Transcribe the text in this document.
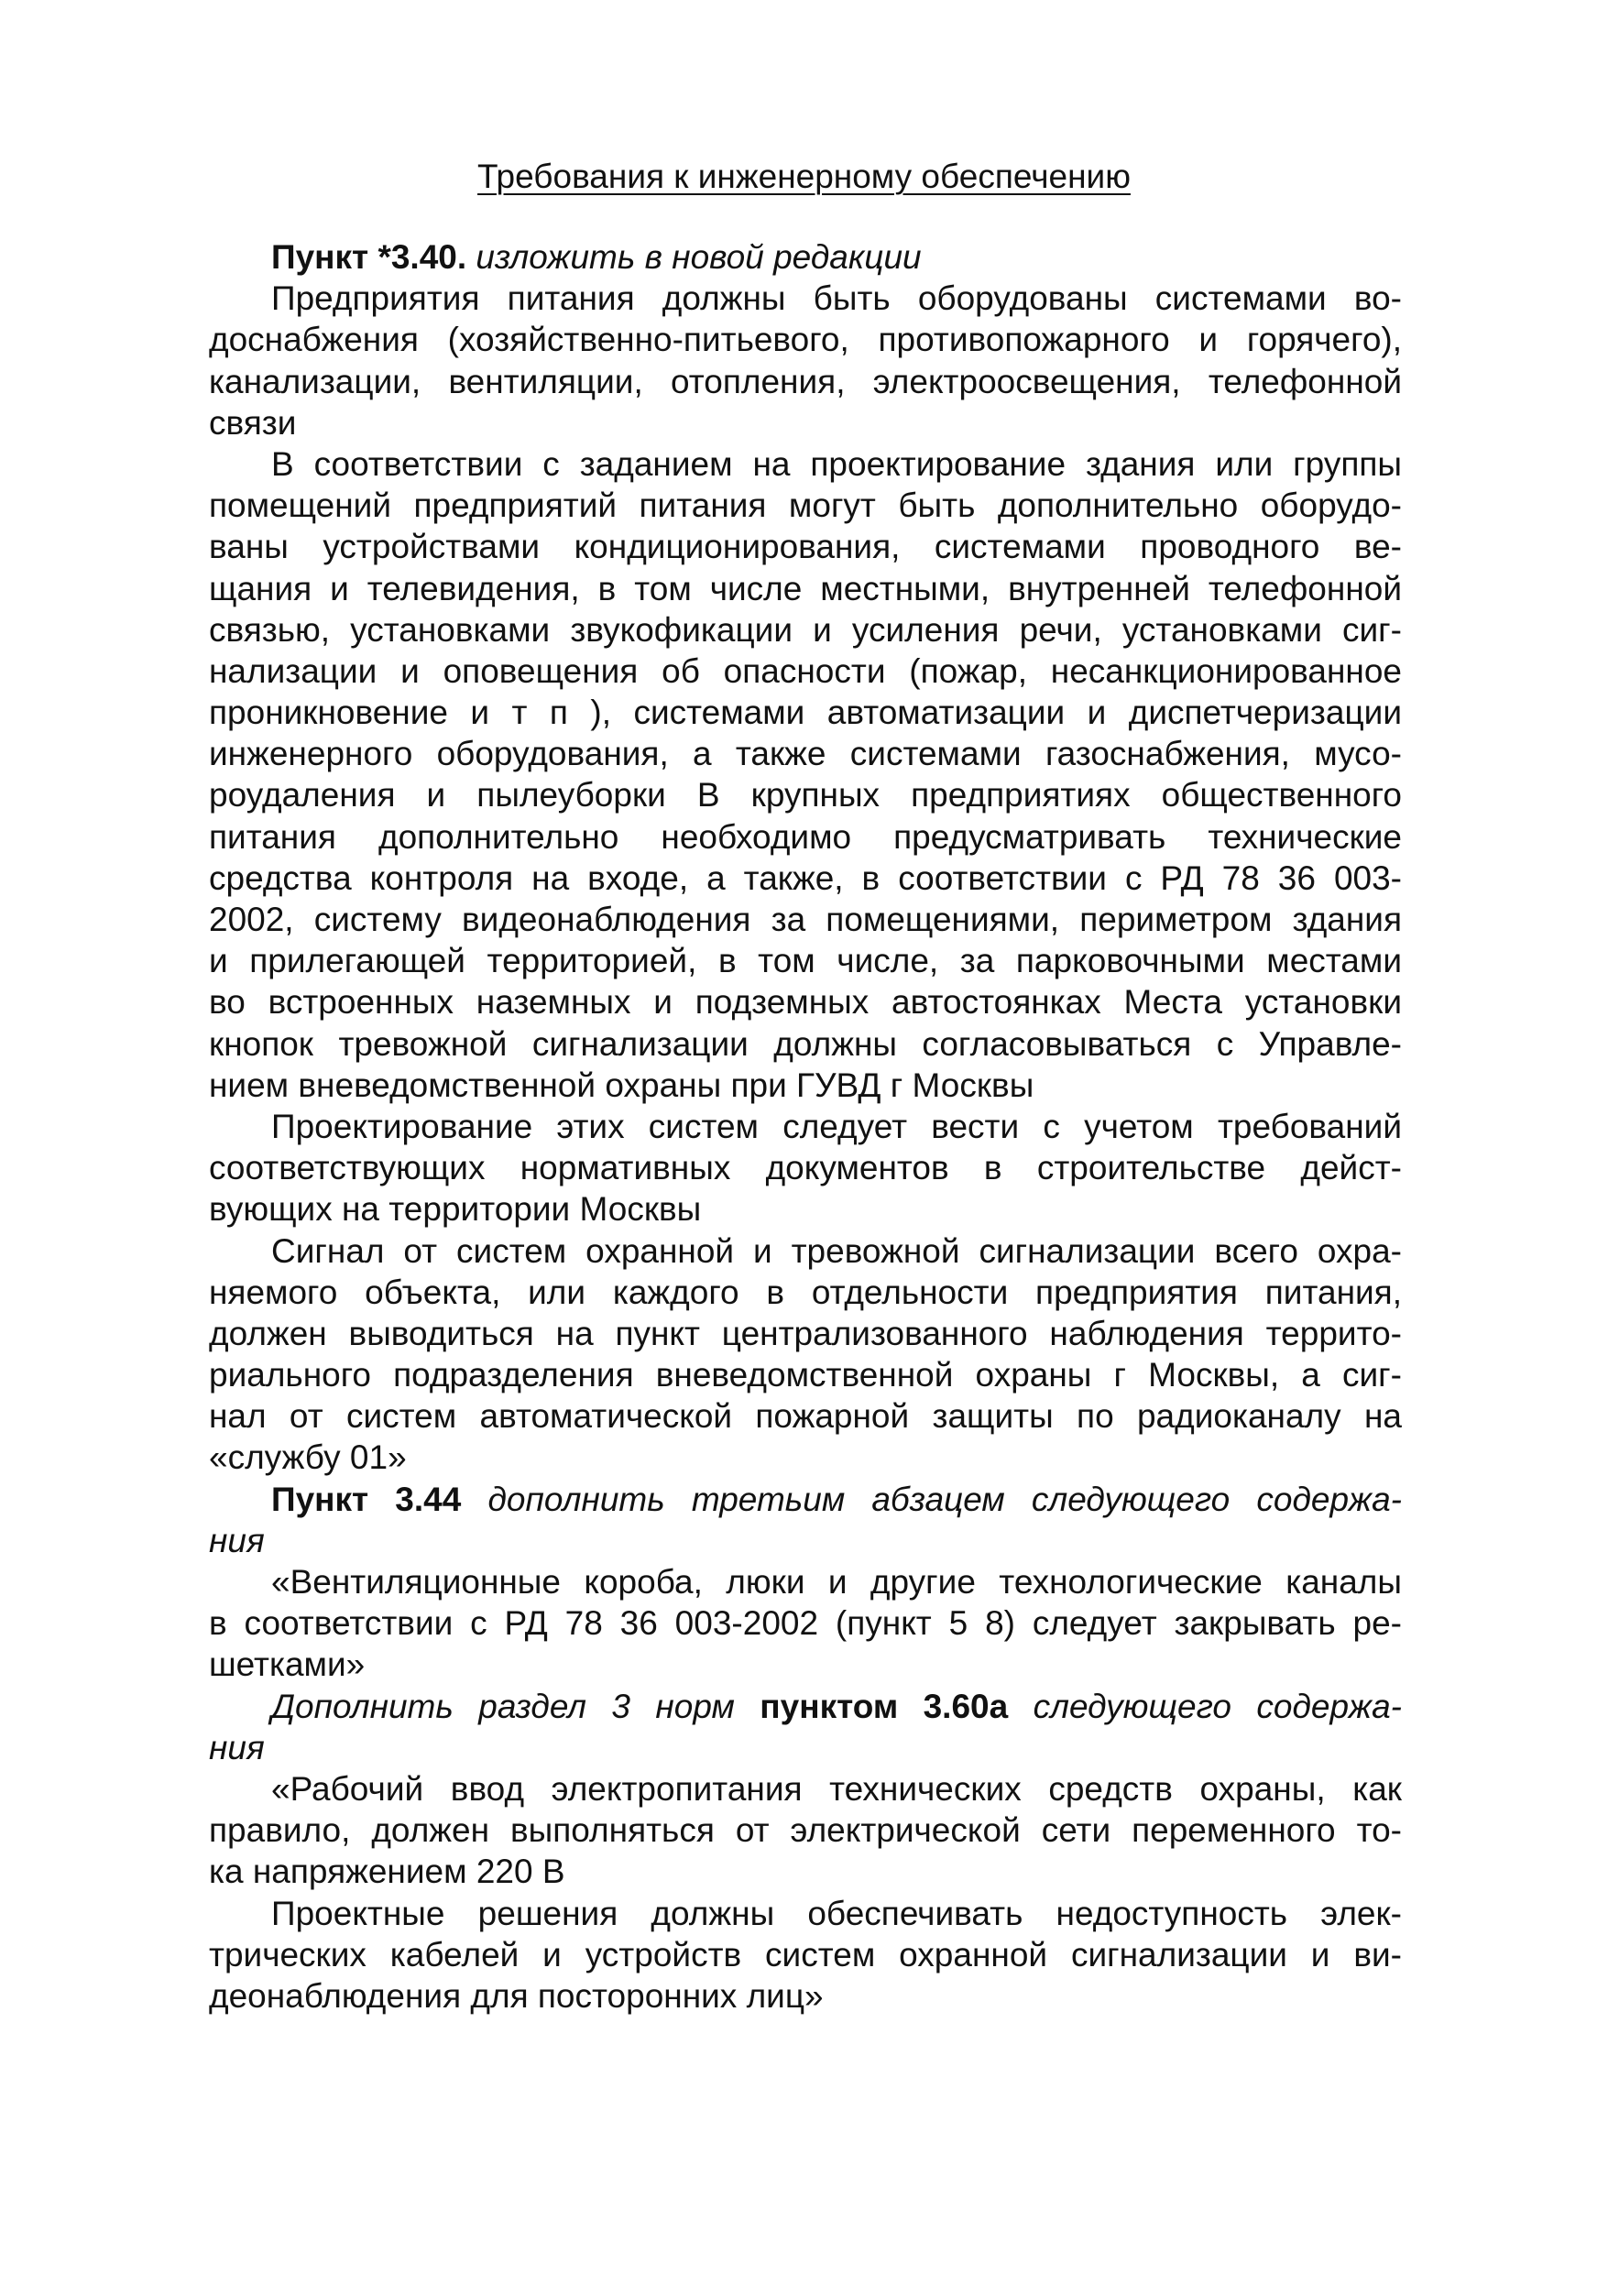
Требования к инженерному обеспечению
Пункт *3.40. изложить в новой редакции
Предприятия питания должны быть оборудованы системами во-
доснабжения (хозяйственно-питьевого, противопожарного и горячего),
канализации, вентиляции, отопления, электроосвещения, телефонной
связи
В соответствии с заданием на проектирование здания или группы
помещений предприятий питания могут быть дополнительно оборудо-
ваны устройствами кондиционирования, системами проводного ве-
щания и телевидения, в том числе местными, внутренней телефонной
связью, установками звукофикации и усиления речи, установками сиг-
нализации и оповещения об опасности (пожар, несанкционированное
проникновение и т п ), системами автоматизации и диспетчеризации
инженерного оборудования, а также системами газоснабжения, мусо-
роудаления и пылеуборки В крупных предприятиях общественного
питания дополнительно необходимо предусматривать технические
средства контроля на входе, а также, в соответствии с РД 78 36 003-
2002, систему видеонаблюдения за помещениями, периметром здания
и прилегающей территорией, в том числе, за парковочными местами
во встроенных наземных и подземных автостоянках Места установки
кнопок тревожной сигнализации должны согласовываться с Управле-
нием вневедомственной охраны при ГУВД г Москвы
Проектирование этих систем следует вести с учетом требований
соответствующих нормативных документов в строительстве дейст-
вующих на территории Москвы
Сигнал от систем охранной и тревожной сигнализации всего охра-
няемого объекта, или каждого в отдельности предприятия питания,
должен выводиться на пункт централизованного наблюдения террито-
риального подразделения вневедомственной охраны г Москвы, а сиг-
нал от систем автоматической пожарной защиты по радиоканалу на
«службу 01»
Пункт 3.44 дополнить третьим абзацем следующего содержа-
ния
«Вентиляционные короба, люки и другие технологические каналы
в соответствии с РД 78 36 003-2002 (пункт 5 8) следует закрывать ре-
шетками»
Дополнить раздел 3 норм пунктом 3.60а следующего содержа-
ния
«Рабочий ввод электропитания технических средств охраны, как
правило, должен выполняться от электрической сети переменного то-
ка напряжением 220 В
Проектные решения должны обеспечивать недоступность элек-
трических кабелей и устройств систем охранной сигнализации и ви-
деонаблюдения для посторонних лиц»
